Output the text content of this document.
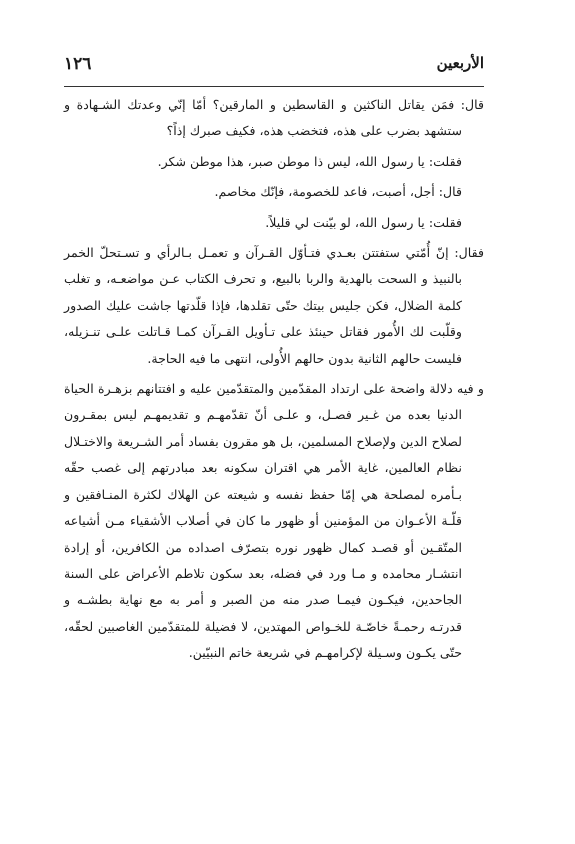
١٢٦	الأربعين

قال: فمَن يقاتل الناكثين و القاسطين و المارقين؟ أمّا إنّي وعدتك الشـهادة و ستشهد بضرب على هذه، فتخضب هذه، فكيف صبرك إذاً؟

فقلت: يا رسول الله، ليس ذا موطن صبر، هذا موطن شكر.

قال: أجل، أصبت، فاعد للخصومة، فإنّك مخاصم.

فقلت: يا رسول الله، لو بيّنت لي قليلاً.

فقال: إنّ أُمّتي ستفتتن بعـدي فتـأوّل القـرآن و تعمـل بـالرأي و تسـتحلّ الخمر بالنبيذ و السحت بالهدية والربا بالبيع، و تحرف الكتاب عـن مواضعـه، و تغلب كلمة الضلال، فكن جليس بيتك حتّى تقلدها، فإذا قلّدتها جاشت عليك الصدور وقلّبت لك الأُمور فقاتل حينئذ على تـأويل القـرآن كمـا قـاتلت علـى تنـزيله، فليست حالهم الثانية بدون حالهم الأُولى، انتهى ما فيه الحاجة.

و فيه دلالة واضحة على ارتداد المقدّمين والمتقدّمين عليه و افتتانهم بزهـرة الحياة الدنيا بعده من غـير فصـل، و علـى أنّ تقدّمهـم و تقديمهـم ليس بمقـرون لصلاح الدين ولإصلاح المسلمين، بل هو مقرون بفساد أمر الشـريعة والاختـلال نظام العالمين، غاية الأمر هي اقتران سكونه بعد مبادرتهم إلى غصب حقّه بـأمره لمصلحة هي إمّا حفظ نفسه و شيعته عن الهلاك لكثرة المنـافقين و قلّـة الأعـوان من المؤمنين أو ظهور ما كان في أصلاب الأشقياء مـن أشياعه المتّقـين أو قصـد كمال ظهور نوره بتصرّف اصداده من الكافرين، أو إرادة انتشـار محامده و مـا ورد في فضله، بعد سكون تلاطم الأعراض على السنة الجاحدين، فيكـون فيمـا صدر منه من الصبر و أمر به مع نهاية بطشـه و قدرتـه رحمـةً خاصّـة للخـواص المهتدين، لا فضيلة للمتقدّمين الغاصبين لحقّه، حتّى يكـون وسـيلة لإكرامهـم في شريعة خاتم النبيّين.
